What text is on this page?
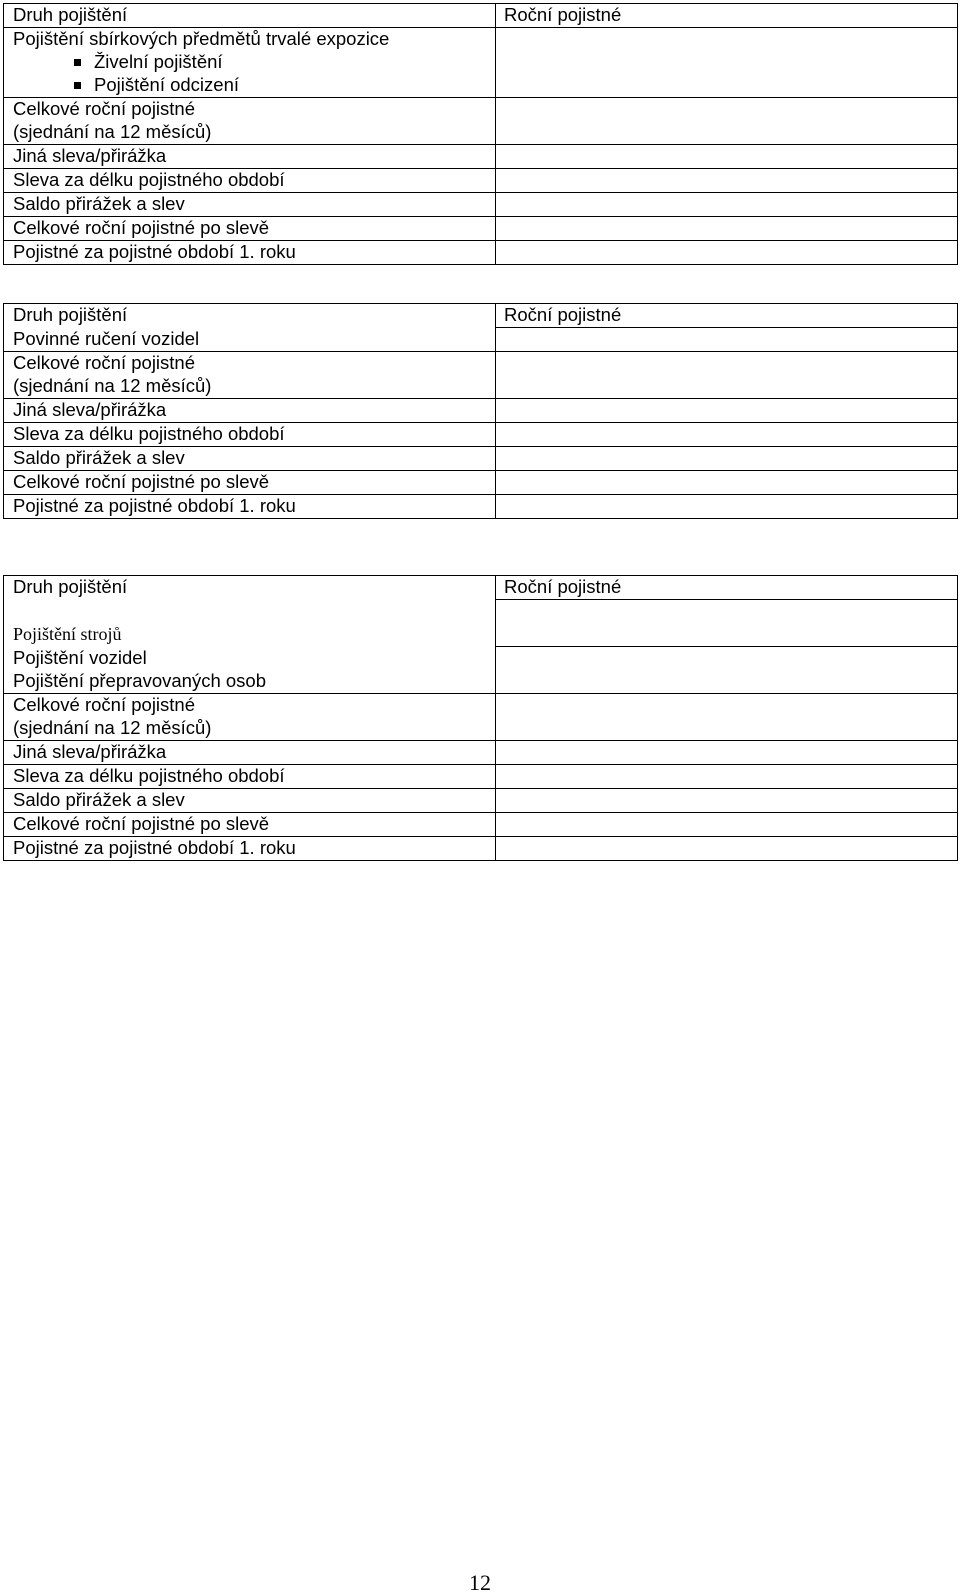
Druh pojištění	Roční pojistné
Pojištění sbírkových předmětů trvalé expozice	

Živelní pojištění	

Pojištění odcizení	
Celkové roční pojistné	
(sjednání na 12 měsíců)	
Jiná sleva/přirážka	
Sleva za délku pojistného období	
Saldo přirážek a slev	
Celkové roční pojistné po slevě	
Pojistné za pojistné období 1. roku	
Druh pojištění	Roční pojistné
Povinné ručení vozidel	
Celkové roční pojistné	
(sjednání na 12 měsíců)	
Jiná sleva/přirážka	
Sleva za délku pojistného období	
Saldo přirážek a slev	
Celkové roční pojistné po slevě	
Pojistné za pojistné období 1. roku	
Druh pojištění	Roční pojistné

Pojištění strojů	
Pojištění vozidel	
Pojištění přepravovaných osob	
Celkové roční pojistné	
(sjednání na 12 měsíců)	
Jiná sleva/přirážka	
Sleva za délku pojistného období	
Saldo přirážek a slev	
Celkové roční pojistné po slevě	
Pojistné za pojistné období 1. roku	
12
